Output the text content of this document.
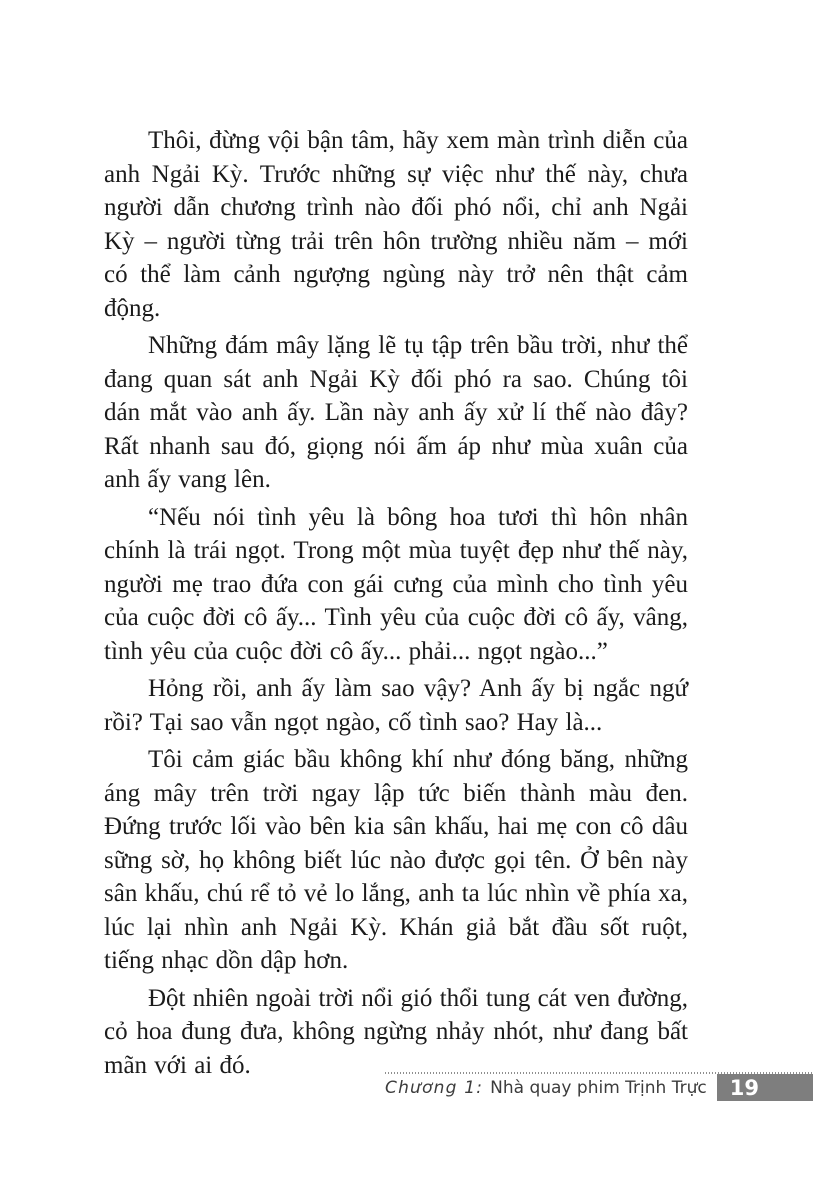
Thôi, đừng vội bận tâm, hãy xem màn trình diễn của anh Ngải Kỳ. Trước những sự việc như thế này, chưa người dẫn chương trình nào đối phó nổi, chỉ anh Ngải Kỳ – người từng trải trên hôn trường nhiều năm – mới có thể làm cảnh ngượng ngùng này trở nên thật cảm động.

Những đám mây lặng lẽ tụ tập trên bầu trời, như thể đang quan sát anh Ngải Kỳ đối phó ra sao. Chúng tôi dán mắt vào anh ấy. Lần này anh ấy xử lí thế nào đây? Rất nhanh sau đó, giọng nói ấm áp như mùa xuân của anh ấy vang lên.

“Nếu nói tình yêu là bông hoa tươi thì hôn nhân chính là trái ngọt. Trong một mùa tuyệt đẹp như thế này, người mẹ trao đứa con gái cưng của mình cho tình yêu của cuộc đời cô ấy... Tình yêu của cuộc đời cô ấy, vâng, tình yêu của cuộc đời cô ấy... phải... ngọt ngào...”

Hỏng rồi, anh ấy làm sao vậy? Anh ấy bị ngắc ngứ rồi? Tại sao vẫn ngọt ngào, cố tình sao? Hay là...

Tôi cảm giác bầu không khí như đóng băng, những áng mây trên trời ngay lập tức biến thành màu đen. Đứng trước lối vào bên kia sân khấu, hai mẹ con cô dâu sững sờ, họ không biết lúc nào được gọi tên. Ở bên này sân khấu, chú rể tỏ vẻ lo lắng, anh ta lúc nhìn về phía xa, lúc lại nhìn anh Ngải Kỳ. Khán giả bắt đầu sốt ruột, tiếng nhạc dồn dập hơn.

Đột nhiên ngoài trời nổi gió thổi tung cát ven đường, cỏ hoa đung đưa, không ngừng nhảy nhót, như đang bất mãn với ai đó.

Chương 1: Nhà quay phim Trịnh Trực 19
